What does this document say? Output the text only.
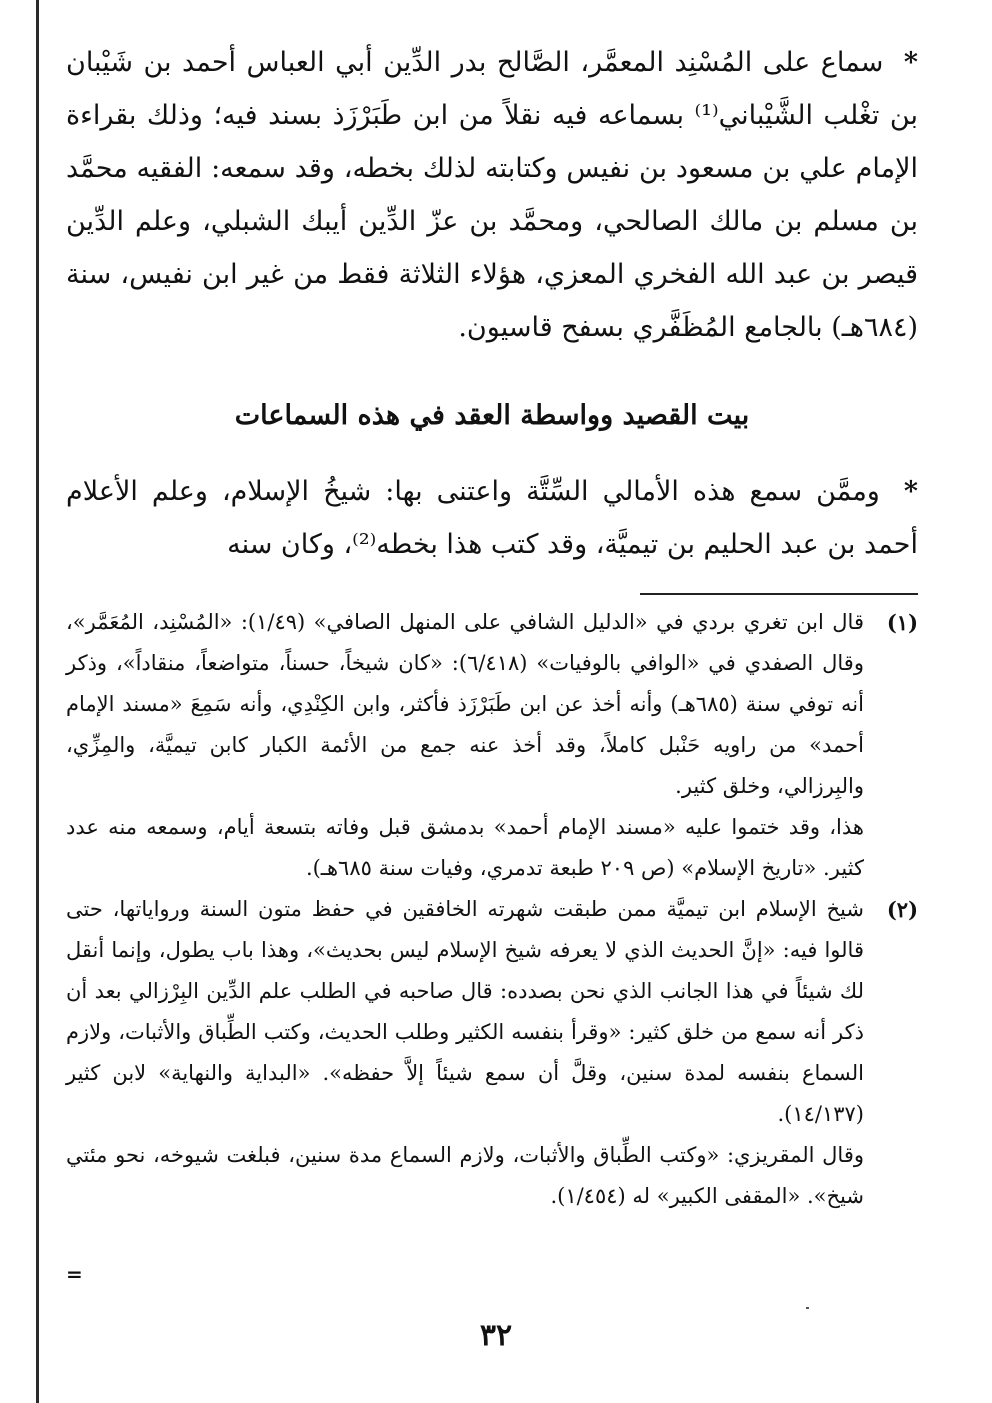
* سماع على المُسْنِد المعمَّر، الصَّالح بدر الدِّين أبي العباس أحمد بن شَيْبان بن تغْلب الشَّيْباني⁽¹⁾ بسماعه فيه نقلاً من ابن طَبَرْزَذ بسند فيه؛ وذلك بقراءة الإمام علي بن مسعود بن نفيس وكتابته لذلك بخطه، وقد سمعه: الفقيه محمَّد بن مسلم بن مالك الصالحي، ومحمَّد بن عزّ الدِّين أيبك الشبلي، وعلم الدِّين قيصر بن عبد الله الفخري المعزي، هؤلاء الثلاثة فقط من غير ابن نفيس، سنة (٦٨٤هـ) بالجامع المُظَفَّري بسفح قاسيون.

بيت القصيد وواسطة العقد في هذه السماعات

* وممَّن سمع هذه الأمالي السِّتَّة واعتنى بها: شيخُ الإسلام، وعلم الأعلام أحمد بن عبد الحليم بن تيميَّة، وقد كتب هذا بخطه⁽²⁾، وكان سنه

(١)

قال ابن تغري بردي في «الدليل الشافي على المنهل الصافي» (١/٤٩): «المُسْنِد، المُعَمَّر»، وقال الصفدي في «الوافي بالوفيات» (٦/٤١٨): «كان شيخاً، حسناً، متواضعاً، منقاداً»، وذكر أنه توفي سنة (٦٨٥هـ) وأنه أخذ عن ابن طَبَرْزَذ فأكثر، وابن الكِنْدِي، وأنه سَمِعَ «مسند الإمام أحمد» من راويه حَنْبل كاملاً، وقد أخذ عنه جمع من الأئمة الكبار كابن تيميَّة، والمِزِّي، والبِرزالي، وخلق كثير.

هذا، وقد ختموا عليه «مسند الإمام أحمد» بدمشق قبل وفاته بتسعة أيام، وسمعه منه عدد كثير. «تاريخ الإسلام» (ص ٢٠٩ طبعة تدمري، وفيات سنة ٦٨٥هـ).

(٢)

شيخ الإسلام ابن تيميَّة ممن طبقت شهرته الخافقين في حفظ متون السنة ورواياتها، حتى قالوا فيه: «إنَّ الحديث الذي لا يعرفه شيخ الإسلام ليس بحديث»، وهذا باب يطول، وإنما أنقل لك شيئاً في هذا الجانب الذي نحن بصدده: قال صاحبه في الطلب علم الدِّين البِرْزالي بعد أن ذكر أنه سمع من خلق كثير: «وقرأ بنفسه الكثير وطلب الحديث، وكتب الطِّباق والأثبات، ولازم السماع بنفسه لمدة سنين، وقلَّ أن سمع شيئاً إلاَّ حفظه». «البداية والنهاية» لابن كثير (١٤/١٣٧).

وقال المقريزي: «وكتب الطِّباق والأثبات، ولازم السماع مدة سنين، فبلغت شيوخه، نحو مئتي شيخ». «المقفى الكبير» له (١/٤٥٤).

=
٣٢
